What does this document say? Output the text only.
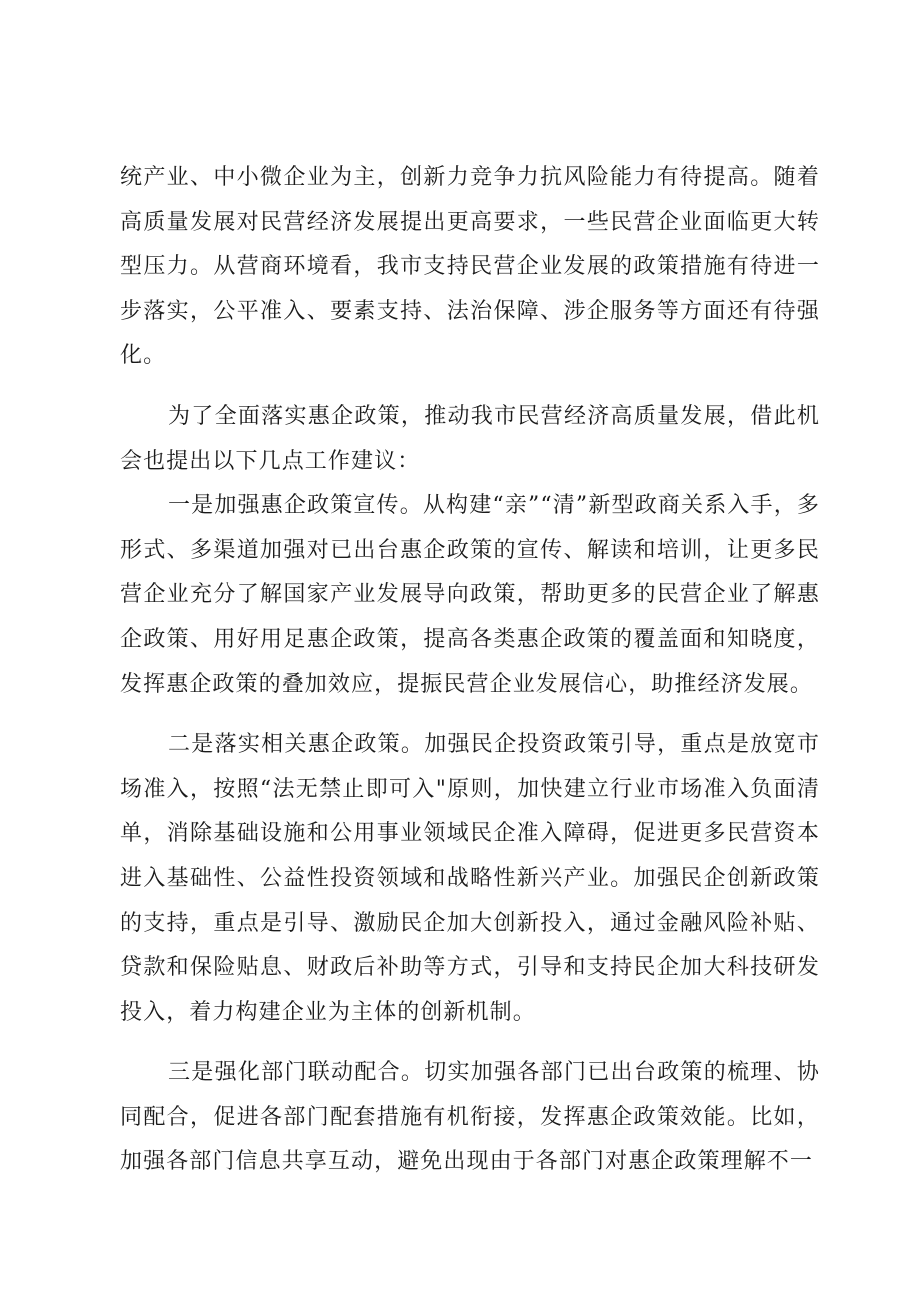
统产业、中小微企业为主，创新力竞争力抗风险能力有待提高。随着高质量发展对民营经济发展提出更高要求，一些民营企业面临更大转型压力。从营商环境看，我市支持民营企业发展的政策措施有待进一步落实，公平准入、要素支持、法治保障、涉企服务等方面还有待强化。

为了全面落实惠企政策，推动我市民营经济高质量发展，借此机会也提出以下几点工作建议：

一是加强惠企政策宣传。从构建“亲”“清”新型政商关系入手，多形式、多渠道加强对已出台惠企政策的宣传、解读和培训，让更多民营企业充分了解国家产业发展导向政策，帮助更多的民营企业了解惠企政策、用好用足惠企政策，提高各类惠企政策的覆盖面和知晓度，发挥惠企政策的叠加效应，提振民营企业发展信心，助推经济发展。

二是落实相关惠企政策。加强民企投资政策引导，重点是放宽市场准入，按照“法无禁止即可入"原则，加快建立行业市场准入负面清单，消除基础设施和公用事业领域民企准入障碍，促进更多民营资本进入基础性、公益性投资领域和战略性新兴产业。加强民企创新政策的支持，重点是引导、激励民企加大创新投入，通过金融风险补贴、贷款和保险贴息、财政后补助等方式，引导和支持民企加大科技研发投入，着力构建企业为主体的创新机制。

三是强化部门联动配合。切实加强各部门已出台政策的梳理、协同配合，促进各部门配套措施有机衔接，发挥惠企政策效能。比如，加强各部门信息共享互动，避免出现由于各部门对惠企政策理解不一
